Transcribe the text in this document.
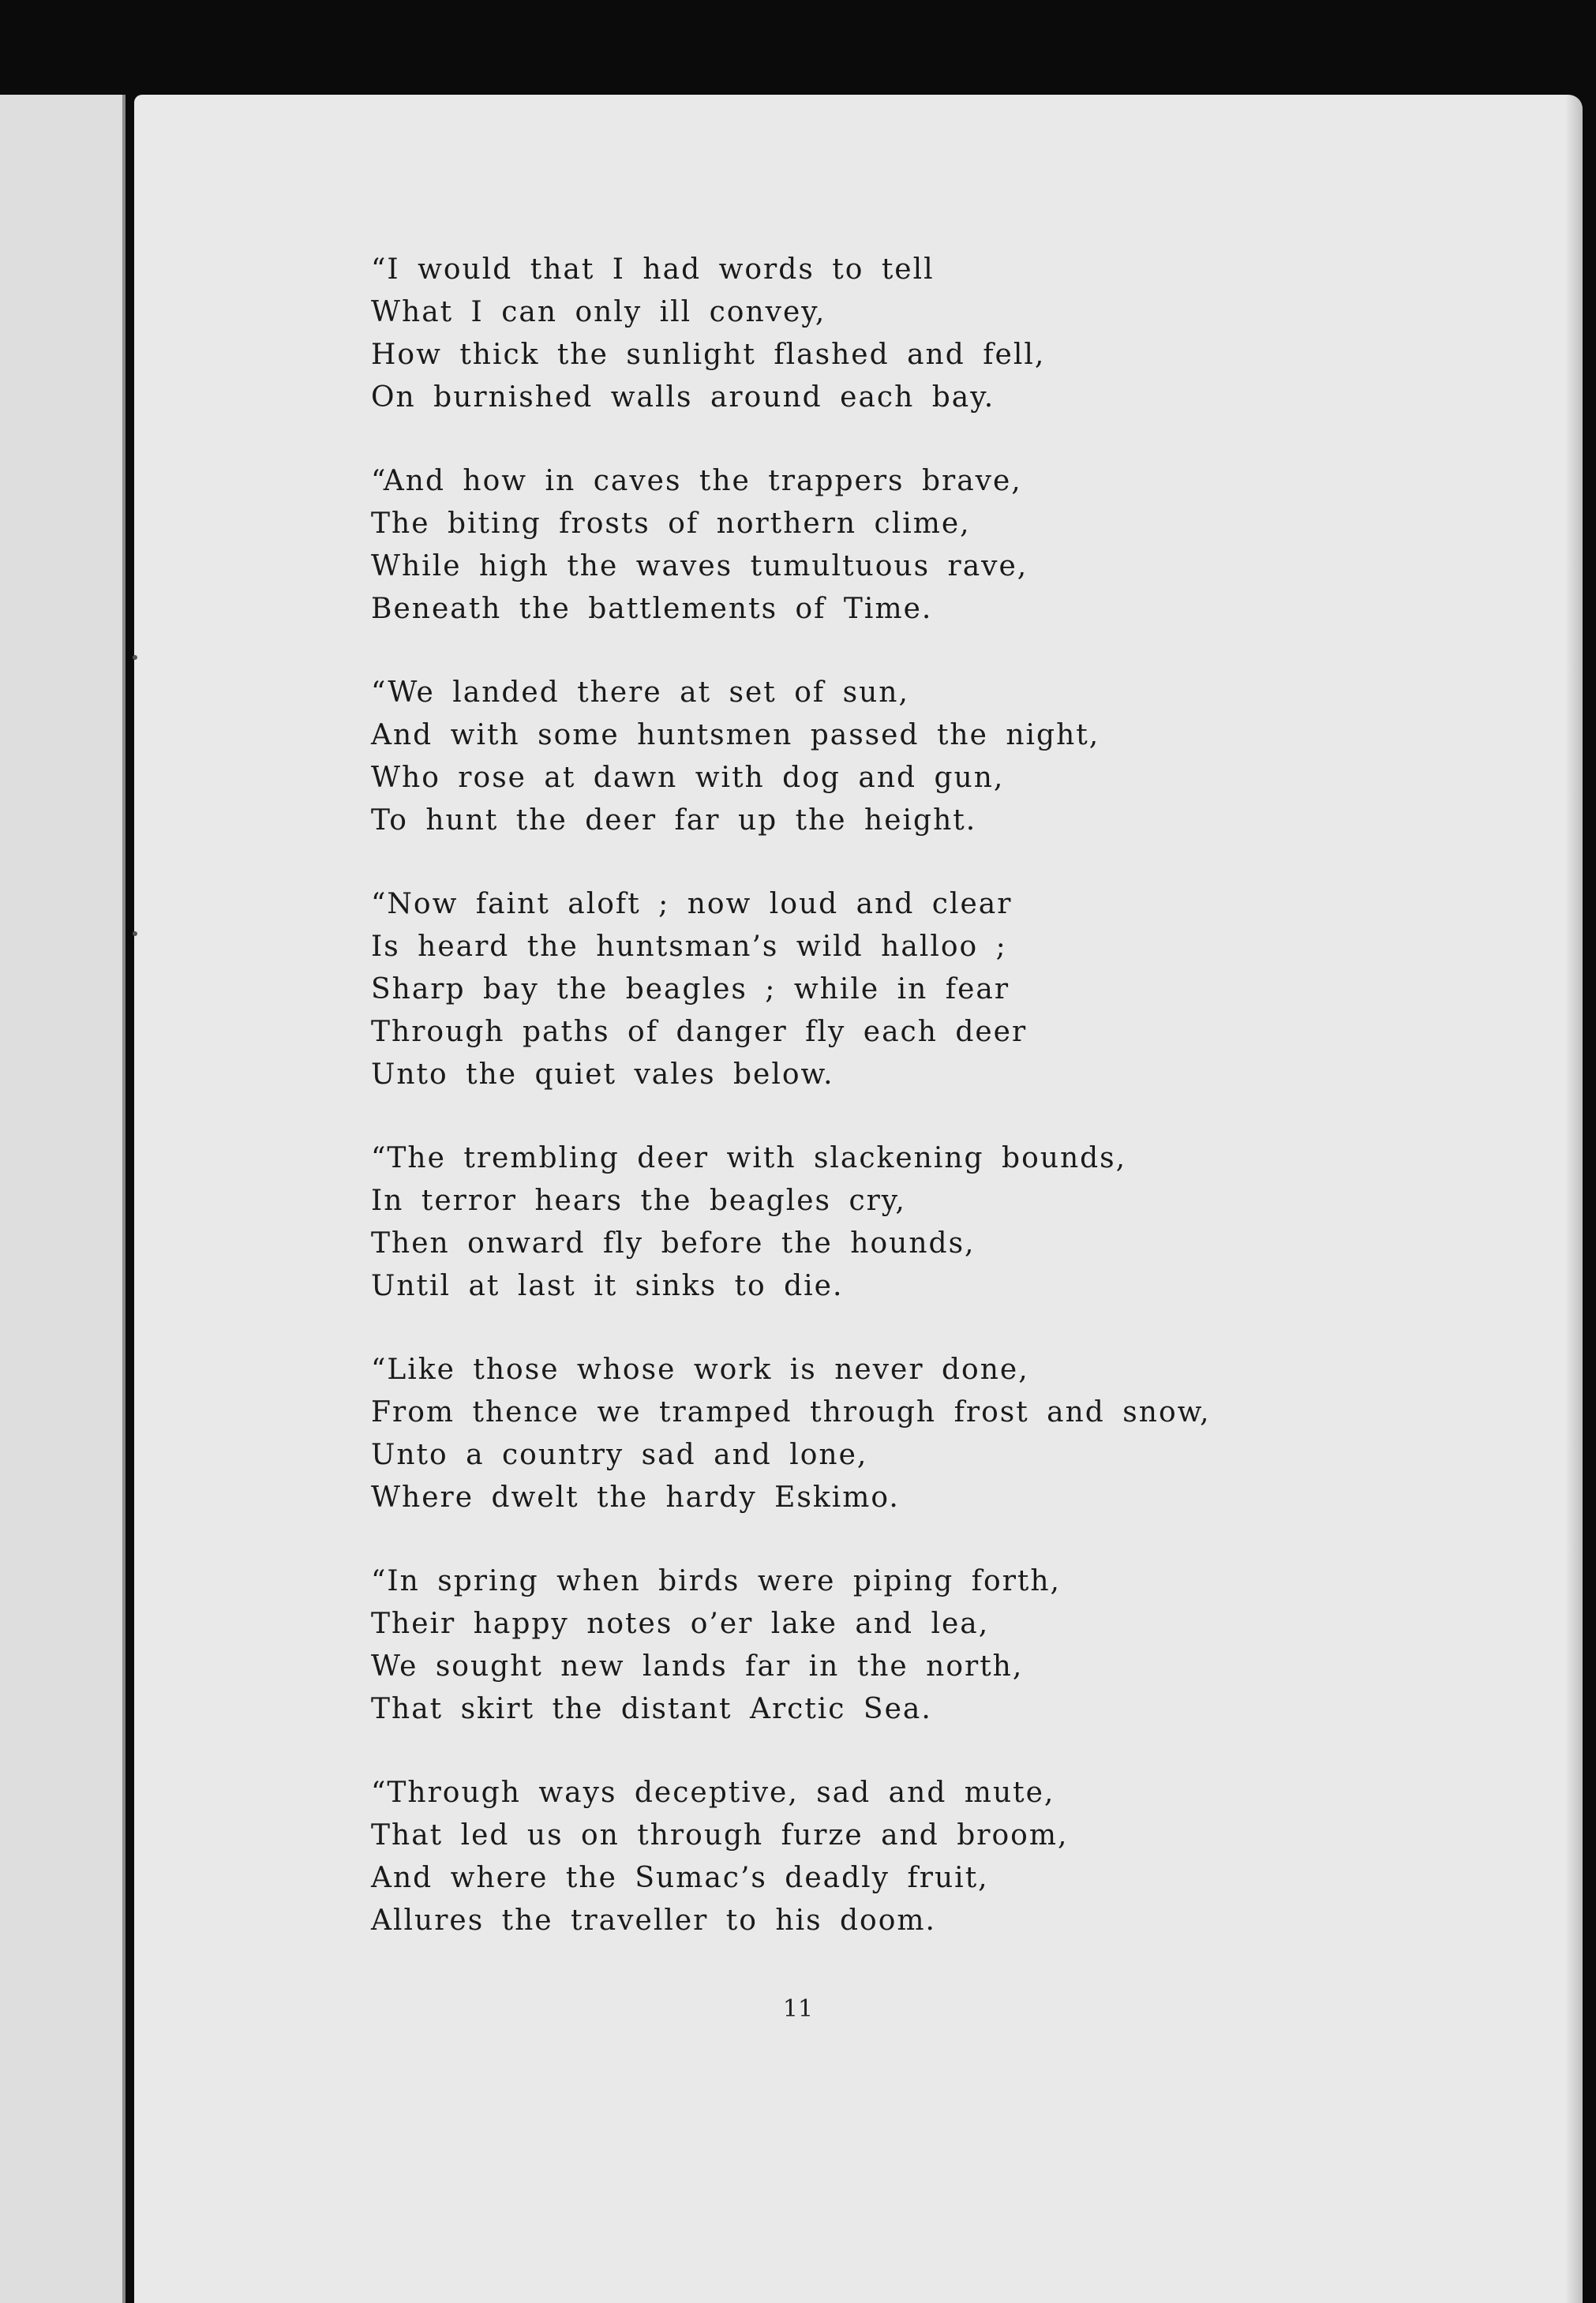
“I would that I had words to tell
What I can only ill convey,
How thick the sunlight flashed and fell,
On burnished walls around each bay.
“And how in caves the trappers brave,
The biting frosts of northern clime,
While high the waves tumultuous rave,
Beneath the battlements of Time.
“We landed there at set of sun,
And with some huntsmen passed the night,
Who rose at dawn with dog and gun,
To hunt the deer far up the height.
“Now faint aloft ; now loud and clear
Is heard the huntsman’s wild halloo ;
Sharp bay the beagles ; while in fear
Through paths of danger fly each deer
Unto the quiet vales below.
“The trembling deer with slackening bounds,
In terror hears the beagles cry,
Then onward fly before the hounds,
Until at last it sinks to die.
“Like those whose work is never done,
From thence we tramped through frost and snow,
Unto a country sad and lone,
Where dwelt the hardy Eskimo.
“In spring when birds were piping forth,
Their happy notes o’er lake and lea,
We sought new lands far in the north,
That skirt the distant Arctic Sea.
“Through ways deceptive, sad and mute,
That led us on through furze and broom,
And where the Sumac’s deadly fruit,
Allures the traveller to his doom.
11
